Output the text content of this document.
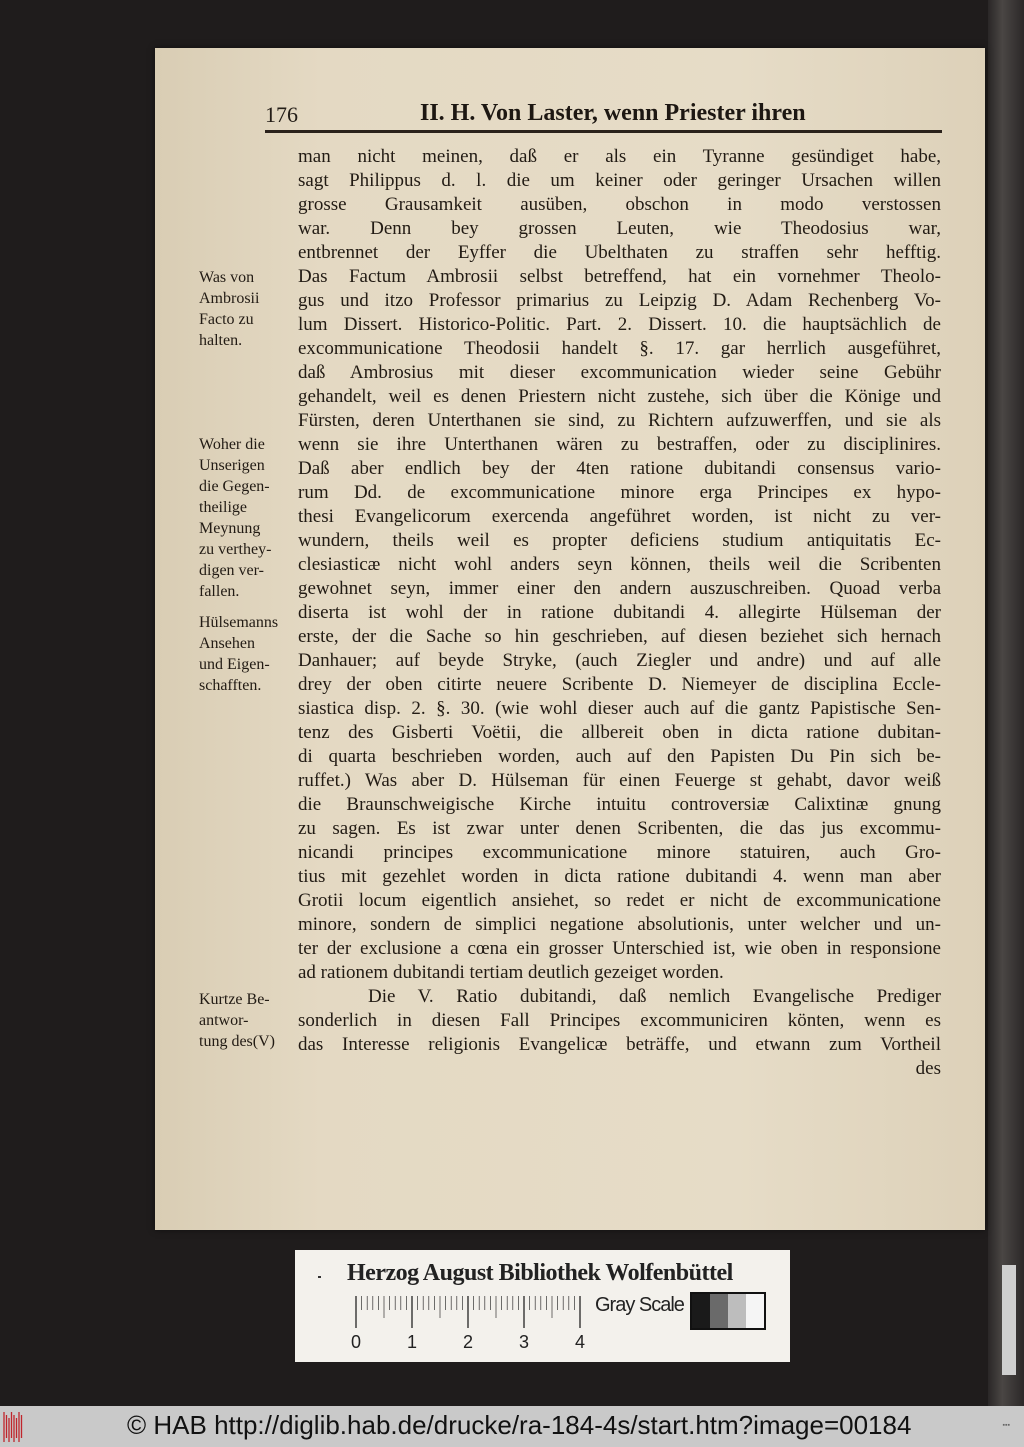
176	II. H. Von Laster, wenn Priester ihren
man nicht meinen, daß er als ein Tyranne gesündiget habe,
sagt Philippus d. l. die um keiner oder geringer Ursachen willen
grosse Grausamkeit ausüben, obschon in modo verstossen
war. Denn bey grossen Leuten, wie Theodosius war,
entbrennet der Eyffer die Ubelthaten zu straffen sehr hefftig.
Das Factum Ambrosii selbst betreffend, hat ein vornehmer Theolo-
gus und itzo Professor primarius zu Leipzig D. Adam Rechenberg Vo-
lum Dissert. Historico-Politic. Part. 2. Dissert. 10. die hauptsächlich de
excommunicatione Theodosii handelt §. 17. gar herrlich ausgeführet,
daß Ambrosius mit dieser excommunication wieder seine Gebühr
gehandelt, weil es denen Priestern nicht zustehe, sich über die Könige und
Fürsten, deren Unterthanen sie sind, zu Richtern aufzuwerffen, und sie als
wenn sie ihre Unterthanen wären zu bestraffen, oder zu disciplinires.
Daß aber endlich bey der 4ten ratione dubitandi consensus vario-
rum Dd. de excommunicatione minore erga Principes ex hypo-
thesi Evangelicorum exercenda angeführet worden, ist nicht zu ver-
wundern, theils weil es propter deficiens studium antiquitatis Ec-
clesiasticæ nicht wohl anders seyn können, theils weil die Scribenten
gewohnet seyn, immer einer den andern auszuschreiben. Quoad verba
diserta ist wohl der in ratione dubitandi 4. allegirte Hülseman der
erste, der die Sache so hin geschrieben, auf diesen beziehet sich hernach
Danhauer; auf beyde Stryke, (auch Ziegler und andre) und auf alle
drey der oben citirte neuere Scribente D. Niemeyer de disciplina Eccle-
siastica disp. 2. §. 30. (wie wohl dieser auch auf die gantz Papistische Sen-
tenz des Gisberti Voëtii, die allbereit oben in dicta ratione dubitan-
di quarta beschrieben worden, auch auf den Papisten Du Pin sich be-
ruffet.) Was aber D. Hülseman für einen Feuerge st gehabt, davor weiß
die Braunschweigische Kirche intuitu controversiæ Calixtinæ gnung
zu sagen. Es ist zwar unter denen Scribenten, die das jus excommu-
nicandi principes excommunicatione minore statuiren, auch Gro-
tius mit gezehlet worden in dicta ratione dubitandi 4. wenn man aber
Grotii locum eigentlich ansiehet, so redet er nicht de excommunicatione
minore, sondern de simplici negatione absolutionis, unter welcher und un-
ter der exclusione a cœna ein grosser Unterschied ist, wie oben in responsione
ad rationem dubitandi tertiam deutlich gezeiget worden.
Die V. Ratio dubitandi, daß nemlich Evangelische Prediger
sonderlich in diesen Fall Principes excommuniciren könten, wenn es
das Interesse religionis Evangelicæ beträffe, und etwann zum Vortheil
des
Was von
Ambrosii
Facto zu
halten.
Woher die
Unserigen
die Gegen-
theilige
Meynung
zu verthey-
digen ver-
fallen.
Hülsemanns
Ansehen
und Eigen-
schafften.
Kurtze Be-
antwor-
tung des(V)
Herzog August Bibliothek Wolfenbüttel
0	1	2	3	4
Gray Scale
© HAB http://diglib.hab.de/drucke/ra-184-4s/start.htm?image=00184	▪▪▪
